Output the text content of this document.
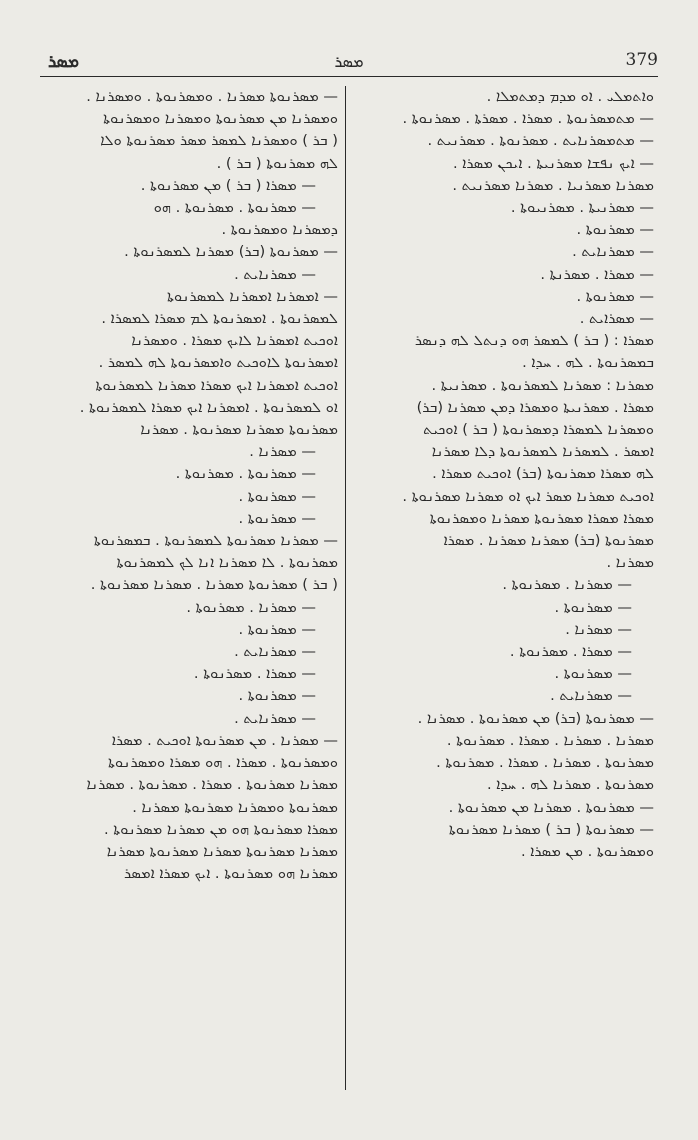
ܡܣܪ	ܡܣܪ	379
ܘܐܬܡܠܝ . ܐܘ ܡܕܡ ܕܡܬܡܠܐ .
— ܡܬܡܣܪܢܘܬܐ . ܡܣܪܐ . ܡܣܪܬܐ . ܡܣܪܢܘܬܐ .
— ܡܬܡܣܪܢܐܝܬ . ܡܣܪܢܘܬܐ . ܡܣܪܢܝܬ .
— ܐܝܟ ܢܦܫܐ ܡܣܪܢܝܬܐ . ܐܝܟܢ ܡܣܪܐ .
ܡܣܪܢܐ ܡܣܪܢܝܐ . ܡܣܪܢܐ ܡܣܪܢܝܬ .
— ܡܣܪܢܝܬܐ . ܡܣܪܢܝܘܬܐ .
— ܡܣܪܢܘܬܐ .
— ܡܣܪܢܐܝܬ .
— ܡܣܪܐ . ܡܣܪܢܬܐ .
— ܡܣܪܢܘܬܐ .
— ܡܣܪܐܝܬ .
ܡܣܪܐ : ( ܒܪ ) ܠܡܣܪ ܗܘ ܕܢܬܠ ܠܗ ܕܢܣܪ
ܒܡܣܪܢܘܬܐ . ܠܗ . ܚܕܐ .
ܡܣܪܢܐ : ܡܣܪܢܐ ܠܡܣܪܢܘܬܐ . ܡܣܪܢܝܬܐ .
ܡܣܪܐ . ܡܣܪܢܝܬܐ ܘܡܣܪܐ ܕܡܢ ܡܣܪܢܐ (ܒܪ)
ܘܡܣܪܢܐ ܠܡܣܪܐ ܕܡܣܪܢܘܬܐ ( ܒܪ ) ܐܘܟܝܬ
ܐܡܣܪ . ܠܡܣܪܢܐ ܠܡܣܪܢܘܬܐ ܕܠܐ ܡܣܪܢܐ
ܠܗ ܡܣܪܐ ܡܣܪܢܘܬܐ (ܒܪ) ܐܘܟܝܬ ܡܣܪܐ .
ܐܘܟܝܬ ܡܣܪܢܐ ܡܣܪ ܐܝܟ ܐܘ ܡܣܪܢܐ ܡܣܪܢܘܬܐ .
ܡܣܪܐ ܡܣܪܐ ܡܣܪܢܘܬܐ ܡܣܪܢܐ ܘܡܣܪܢܘܬܐ
ܡܣܪܢܘܬܐ (ܒܪ) ܡܣܪܢܐ ܡܣܪܢܐ . ܡܣܪܐ
ܡܣܪܢܐ .
— ܡܣܪܢܐ . ܡܣܪܢܘܬܐ .
— ܡܣܪܢܘܬܐ .
— ܡܣܪܢܐ .
— ܡܣܪܐ . ܡܣܪܢܘܬܐ .
— ܡܣܪܢܘܬܐ .
— ܡܣܪܢܐܝܬ .
— ܡܣܪܢܘܬܐ (ܒܪ) ܡܢ ܡܣܪܢܘܬܐ . ܡܣܪܢܐ .
ܡܣܪܢܐ . ܡܣܪܢܐ . ܡܣܪܐ . ܡܣܪܢܘܬܐ .
ܡܣܪܢܘܬܐ . ܡܣܪܢܐ . ܡܣܪܐ . ܡܣܪܢܘܬܐ .
ܡܣܪܢܘܬܐ . ܡܣܪܢܐ ܠܗ . ܚܕܐ .
— ܡܣܪܢܘܬܐ . ܡܣܪܢܐ ܡܢ ܡܣܪܢܘܬܐ .
— ܡܣܪܢܘܬܐ ( ܒܪ ) ܡܣܪܢܐ ܡܣܪܢܘܬܐ
ܘܡܣܪܢܘܬܐ . ܡܢ ܡܣܪܐ .
— ܡܣܪܢܘܬܐ ܡܣܪܢܐ . ܘܡܣܪܢܘܬܐ . ܘܡܣܪܢܐ .
ܘܡܣܪܢܐ ܡܢ ܡܣܪܢܘܬܐ ܘܡܣܪܢܐ ܘܡܣܪܢܘܬܐ
( ܒܪ ) ܘܡܣܪܢܐ ܠܡܣܪ ܡܣܪ ܡܣܪܢܘܬܐ ܘܠܐ
ܠܗ ܡܣܪܢܘܬܐ ( ܒܪ ) .
— ܡܣܪܐ ( ܒܪ ) ܡܢ ܡܣܪܢܘܬܐ .
— ܡܣܪܢܘܬܐ . ܡܣܪܢܘܬܐ . ܗܘ
ܕܡܣܪܢܐ ܘܡܣܪܢܘܬܐ .
— ܡܣܪܢܘܬܐ (ܒܪ) ܡܣܪܢܐ ܠܡܣܪܢܘܬܐ .
— ܡܣܪܢܐܝܬ .
— ܐܡܣܪܢܐ ܐܡܣܪܢܐ ܠܡܣܪܢܘܬܐ
ܠܡܣܪܢܘܬܐ . ܐܡܣܪܢܘܬܐ ܠܡ ܡܣܪܐ ܠܡܣܪܐ .
ܐܘܟܝܬ ܐܡܣܪܢܐ ܠܐܝܟ ܡܣܪܐ . ܘܡܣܪܢܐ
ܐܡܣܪܢܘܬܐ ܠܐܘܟܝܬ ܘܐܡܣܪܢܘܬܐ ܠܗ ܠܡܣܪ .
ܐܘܟܝܬ ܐܡܣܪܢܐ ܐܝܟ ܡܣܪܐ ܡܣܪܢܐ ܠܡܣܪܢܘܬܐ
ܐܘ ܠܡܣܪܢܘܬܐ . ܐܡܣܪܢܐ ܐܝܟ ܡܣܪܐ ܠܡܣܪܢܘܬܐ .
ܡܣܪܢܘܬܐ ܡܣܪܢܐ ܡܣܪܢܘܬܐ . ܡܣܪܢܐ
— ܡܣܪܢܐ .
— ܡܣܪܢܘܬܐ . ܡܣܪܢܘܬܐ .
— ܡܣܪܢܘܬܐ .
— ܡܣܪܢܘܬܐ .
— ܡܣܪܢܐ ܡܣܪܢܘܬܐ ܠܡܣܪܢܘܬܐ . ܒܡܣܪܢܘܬܐ
ܡܣܪܢܘܬܐ . ܠܐ ܡܣܪܢܐ ܐܢܐ ܠܟ ܠܡܣܪܢܘܬܐ
( ܒܪ ) ܡܣܪܢܘܬܐ ܡܣܪܢܐ . ܡܣܪܢܐ ܡܣܪܢܘܬܐ .
— ܡܣܪܢܐ . ܡܣܪܢܘܬܐ .
— ܡܣܪܢܘܬܐ .
— ܡܣܪܢܐܝܬ .
— ܡܣܪܐ . ܡܣܪܢܘܬܐ .
— ܡܣܪܢܘܬܐ .
— ܡܣܪܢܐܝܬ .
— ܡܣܪܢܐ . ܡܢ ܡܣܪܢܘܬܐ ܐܘܟܝܬ . ܡܣܪܐ
ܘܡܣܪܢܘܬܐ . ܡܣܪܐ . ܗܘ ܡܣܪܐ ܘܡܣܪܢܘܬܐ
ܡܣܪܢܐ ܡܣܪܢܘܬܐ . ܡܣܪܐ . ܡܣܪܢܘܬܐ . ܡܣܪܢܐ
ܡܣܪܢܘܬܐ ܘܡܣܪܢܐ ܡܣܪܢܘܬܐ ܡܣܪܢܐ .
ܡܣܪܐ ܡܣܪܢܘܬܐ ܗܘ ܡܢ ܡܣܪܢܐ ܡܣܪܢܘܬܐ .
ܡܣܪܢܐ ܡܣܪܢܘܬܐ ܡܣܪܢܐ ܡܣܪܢܘܬܐ ܡܣܪܢܐ
ܡܣܪܢܐ ܗܘ ܡܣܪܢܘܬܐ . ܐܝܟ ܡܣܪܐ ܐܡܣܪ
